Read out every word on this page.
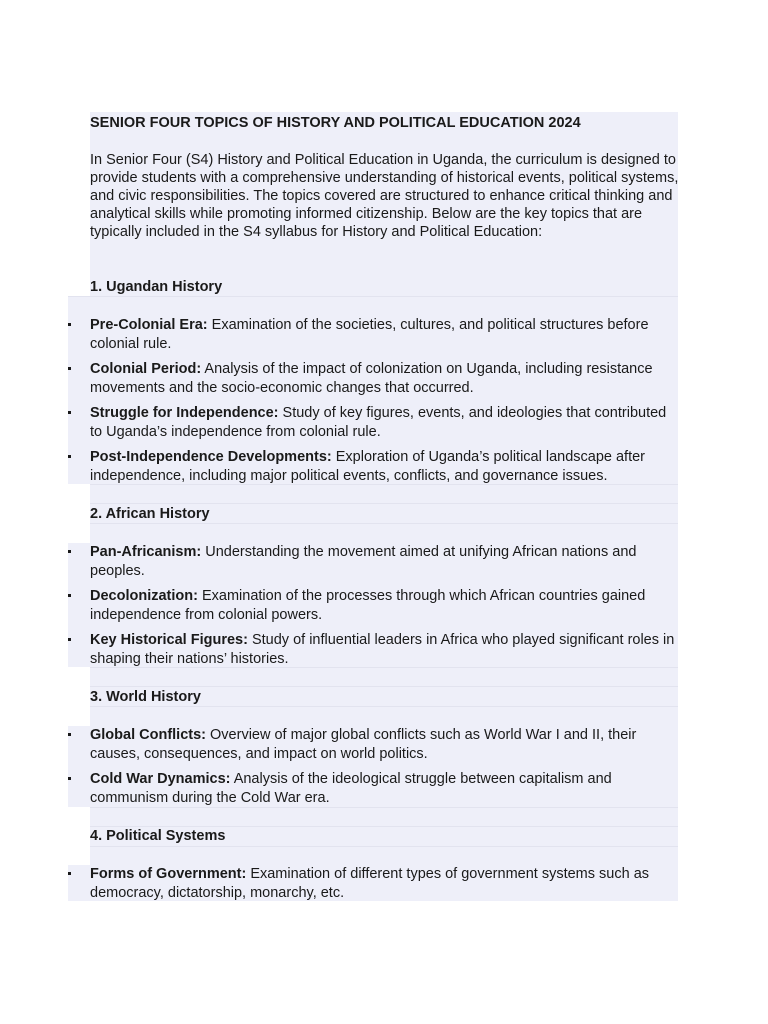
SENIOR FOUR TOPICS OF HISTORY AND POLITICAL EDUCATION 2024
In Senior Four (S4) History and Political Education in Uganda, the curriculum is designed to provide students with a comprehensive understanding of historical events, political systems, and civic responsibilities. The topics covered are structured to enhance critical thinking and analytical skills while promoting informed citizenship. Below are the key topics that are typically included in the S4 syllabus for History and Political Education:
1. Ugandan History
Pre-Colonial Era: Examination of the societies, cultures, and political structures before colonial rule.
Colonial Period: Analysis of the impact of colonization on Uganda, including resistance movements and the socio-economic changes that occurred.
Struggle for Independence: Study of key figures, events, and ideologies that contributed to Uganda’s independence from colonial rule.
Post-Independence Developments: Exploration of Uganda’s political landscape after independence, including major political events, conflicts, and governance issues.
2. African History
Pan-Africanism: Understanding the movement aimed at unifying African nations and peoples.
Decolonization: Examination of the processes through which African countries gained independence from colonial powers.
Key Historical Figures: Study of influential leaders in Africa who played significant roles in shaping their nations’ histories.
3. World History
Global Conflicts: Overview of major global conflicts such as World War I and II, their causes, consequences, and impact on world politics.
Cold War Dynamics: Analysis of the ideological struggle between capitalism and communism during the Cold War era.
4. Political Systems
Forms of Government: Examination of different types of government systems such as democracy, dictatorship, monarchy, etc.
